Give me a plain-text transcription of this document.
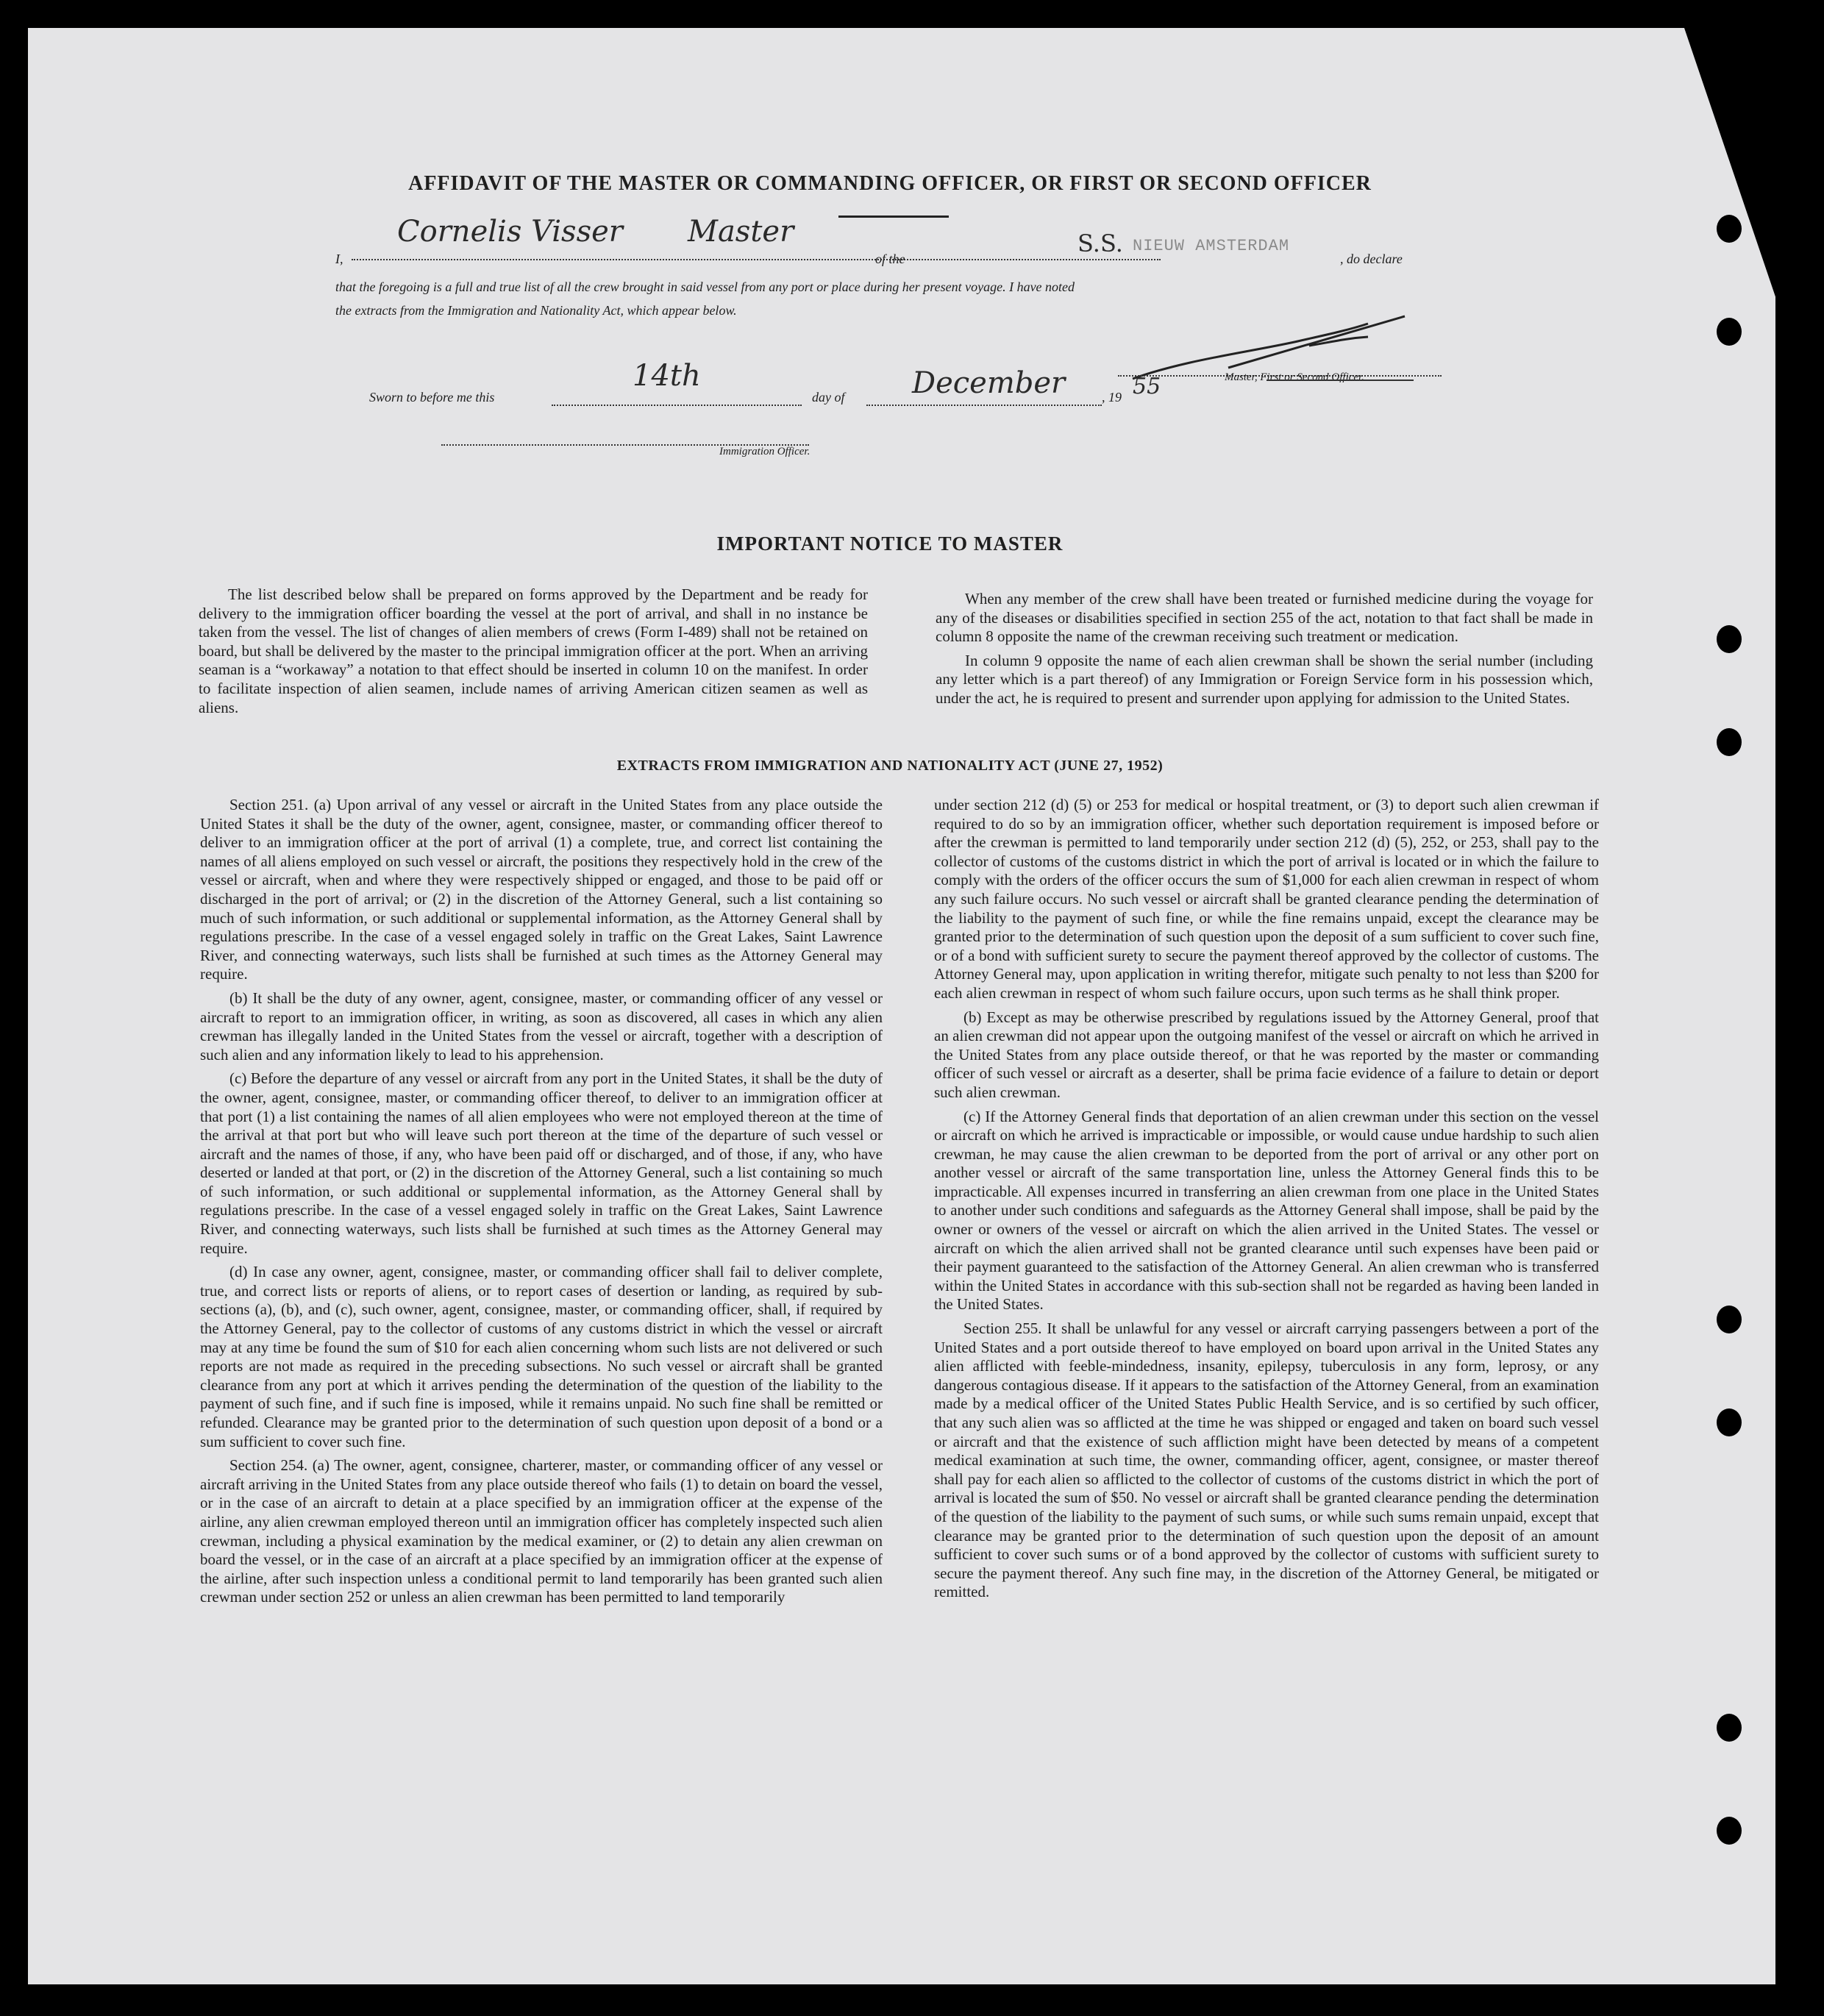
AFFIDAVIT OF THE MASTER OR COMMANDING OFFICER, OR FIRST OR SECOND OFFICER
I,
Cornelis Visser Master
of the
S.S. NIEUW AMSTERDAM
, do declare
that the foregoing is a full and true list of all the crew brought in said vessel from any port or place during her present voyage. I have noted
the extracts from the Immigration and Nationality Act, which appear below.
Master, First or Second Officer.
Sworn to before me this
14th
day of December	, 19 55
Immigration Officer.
IMPORTANT NOTICE TO MASTER

The list described below shall be prepared on forms approved by the Department and be ready for delivery to the immigration officer boarding the vessel at the port of arrival, and shall in no instance be taken from the vessel. The list of changes of alien members of crews (Form I-489) shall not be retained on board, but shall be delivered by the master to the principal immigration officer at the port. When an arriving seaman is a “workaway” a notation to that effect should be inserted in column 10 on the manifest. In order to facilitate inspection of alien seamen, include names of arriving American citizen seamen as well as aliens.

When any member of the crew shall have been treated or furnished medicine during the voyage for any of the diseases or disabilities specified in section 255 of the act, notation to that fact shall be made in column 8 opposite the name of the crewman receiving such treatment or medication.

In column 9 opposite the name of each alien crewman shall be shown the serial number (including any letter which is a part thereof) of any Immigration or Foreign Service form in his possession which, under the act, he is required to present and surrender upon applying for admission to the United States.

EXTRACTS FROM IMMIGRATION AND NATIONALITY ACT (JUNE 27, 1952)

Section 251. (a) Upon arrival of any vessel or aircraft in the United States from any place outside the United States it shall be the duty of the owner, agent, consignee, master, or commanding officer thereof to deliver to an immigration officer at the port of arrival (1) a complete, true, and correct list containing the names of all aliens employed on such vessel or aircraft, the positions they respectively hold in the crew of the vessel or aircraft, when and where they were respectively shipped or engaged, and those to be paid off or discharged in the port of arrival; or (2) in the discretion of the Attorney General, such a list containing so much of such information, or such additional or supplemental information, as the Attorney General shall by regulations prescribe. In the case of a vessel engaged solely in traffic on the Great Lakes, Saint Lawrence River, and connecting waterways, such lists shall be furnished at such times as the Attorney General may require.

(b) It shall be the duty of any owner, agent, consignee, master, or commanding officer of any vessel or aircraft to report to an immigration officer, in writing, as soon as discovered, all cases in which any alien crewman has illegally landed in the United States from the vessel or aircraft, together with a description of such alien and any information likely to lead to his apprehension.

(c) Before the departure of any vessel or aircraft from any port in the United States, it shall be the duty of the owner, agent, consignee, master, or commanding officer thereof, to deliver to an immigration officer at that port (1) a list containing the names of all alien employees who were not employed thereon at the time of the arrival at that port but who will leave such port thereon at the time of the departure of such vessel or aircraft and the names of those, if any, who have been paid off or discharged, and of those, if any, who have deserted or landed at that port, or (2) in the discretion of the Attorney General, such a list containing so much of such information, or such additional or supplemental information, as the Attorney General shall by regulations prescribe. In the case of a vessel engaged solely in traffic on the Great Lakes, Saint Lawrence River, and connecting waterways, such lists shall be furnished at such times as the Attorney General may require.

(d) In case any owner, agent, consignee, master, or commanding officer shall fail to deliver complete, true, and correct lists or reports of aliens, or to report cases of desertion or landing, as required by sub-sections (a), (b), and (c), such owner, agent, consignee, master, or commanding officer, shall, if required by the Attorney General, pay to the collector of customs of any customs district in which the vessel or aircraft may at any time be found the sum of $10 for each alien concerning whom such lists are not delivered or such reports are not made as required in the preceding subsections. No such vessel or aircraft shall be granted clearance from any port at which it arrives pending the determination of the question of the liability to the payment of such fine, and if such fine is imposed, while it remains unpaid. No such fine shall be remitted or refunded. Clearance may be granted prior to the determination of such question upon deposit of a bond or a sum sufficient to cover such fine.

Section 254. (a) The owner, agent, consignee, charterer, master, or commanding officer of any vessel or aircraft arriving in the United States from any place outside thereof who fails (1) to detain on board the vessel, or in the case of an aircraft to detain at a place specified by an immigration officer at the expense of the airline, any alien crewman employed thereon until an immigration officer has completely inspected such alien crewman, including a physical examination by the medical examiner, or (2) to detain any alien crewman on board the vessel, or in the case of an aircraft at a place specified by an immigration officer at the expense of the airline, after such inspection unless a conditional permit to land temporarily has been granted such alien crewman under section 252 or unless an alien crewman has been permitted to land temporarily

under section 212 (d) (5) or 253 for medical or hospital treatment, or (3) to deport such alien crewman if required to do so by an immigration officer, whether such deportation requirement is imposed before or after the crewman is permitted to land temporarily under section 212 (d) (5), 252, or 253, shall pay to the collector of customs of the customs district in which the port of arrival is located or in which the failure to comply with the orders of the officer occurs the sum of $1,000 for each alien crewman in respect of whom any such failure occurs. No such vessel or aircraft shall be granted clearance pending the determination of the liability to the payment of such fine, or while the fine remains unpaid, except the clearance may be granted prior to the determination of such question upon the deposit of a sum sufficient to cover such fine, or of a bond with sufficient surety to secure the payment thereof approved by the collector of customs. The Attorney General may, upon application in writing therefor, mitigate such penalty to not less than $200 for each alien crewman in respect of whom such failure occurs, upon such terms as he shall think proper.

(b) Except as may be otherwise prescribed by regulations issued by the Attorney General, proof that an alien crewman did not appear upon the outgoing manifest of the vessel or aircraft on which he arrived in the United States from any place outside thereof, or that he was reported by the master or commanding officer of such vessel or aircraft as a deserter, shall be prima facie evidence of a failure to detain or deport such alien crewman.

(c) If the Attorney General finds that deportation of an alien crewman under this section on the vessel or aircraft on which he arrived is impracticable or impossible, or would cause undue hardship to such alien crewman, he may cause the alien crewman to be deported from the port of arrival or any other port on another vessel or aircraft of the same transportation line, unless the Attorney General finds this to be impracticable. All expenses incurred in transferring an alien crewman from one place in the United States to another under such conditions and safeguards as the Attorney General shall impose, shall be paid by the owner or owners of the vessel or aircraft on which the alien arrived in the United States. The vessel or aircraft on which the alien arrived shall not be granted clearance until such expenses have been paid or their payment guaranteed to the satisfaction of the Attorney General. An alien crewman who is transferred within the United States in accordance with this sub-section shall not be regarded as having been landed in the United States.

Section 255. It shall be unlawful for any vessel or aircraft carrying passengers between a port of the United States and a port outside thereof to have employed on board upon arrival in the United States any alien afflicted with feeble-mindedness, insanity, epilepsy, tuberculosis in any form, leprosy, or any dangerous contagious disease. If it appears to the satisfaction of the Attorney General, from an examination made by a medical officer of the United States Public Health Service, and is so certified by such officer, that any such alien was so afflicted at the time he was shipped or engaged and taken on board such vessel or aircraft and that the existence of such affliction might have been detected by means of a competent medical examination at such time, the owner, commanding officer, agent, consignee, or master thereof shall pay for each alien so afflicted to the collector of customs of the customs district in which the port of arrival is located the sum of $50. No vessel or aircraft shall be granted clearance pending the determination of the question of the liability to the payment of such sums, or while such sums remain unpaid, except that clearance may be granted prior to the determination of such question upon the deposit of an amount sufficient to cover such sums or of a bond approved by the collector of customs with sufficient surety to secure the payment thereof. Any such fine may, in the discretion of the Attorney General, be mitigated or remitted.
